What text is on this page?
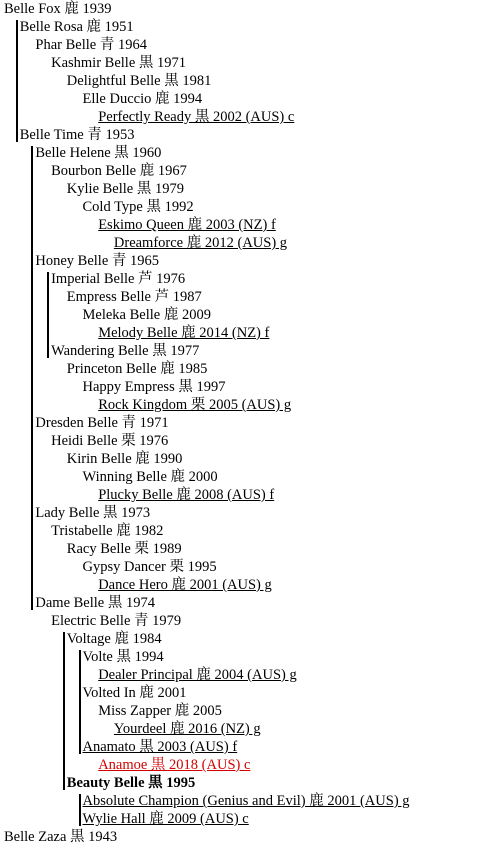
Belle Fox 鹿 1939
Belle Rosa 鹿 1951
Phar Belle 青 1964
Kashmir Belle 黒 1971
Delightful Belle 黒 1981
Elle Duccio 鹿 1994
Perfectly Ready 黒 2002 (AUS) c
Belle Time 青 1953
Belle Helene 黒 1960
Bourbon Belle 鹿 1967
Kylie Belle 黒 1979
Cold Type 黒 1992
Eskimo Queen 鹿 2003 (NZ) f
Dreamforce 鹿 2012 (AUS) g
Honey Belle 青 1965
Imperial Belle 芦 1976
Empress Belle 芦 1987
Meleka Belle 鹿 2009
Melody Belle 鹿 2014 (NZ) f
Wandering Belle 黒 1977
Princeton Belle 鹿 1985
Happy Empress 黒 1997
Rock Kingdom 栗 2005 (AUS) g
Dresden Belle 青 1971
Heidi Belle 栗 1976
Kirin Belle 鹿 1990
Winning Belle 鹿 2000
Plucky Belle 鹿 2008 (AUS) f
Lady Belle 黒 1973
Tristabelle 鹿 1982
Racy Belle 栗 1989
Gypsy Dancer 栗 1995
Dance Hero 鹿 2001 (AUS) g
Dame Belle 黒 1974
Electric Belle 青 1979
Voltage 鹿 1984
Volte 黒 1994
Dealer Principal 鹿 2004 (AUS) g
Volted In 鹿 2001
Miss Zapper 鹿 2005
Yourdeel 鹿 2016 (NZ) g
Anamato 黒 2003 (AUS) f
Anamoe 黒 2018 (AUS) c
Beauty Belle 黒 1995
Absolute Champion (Genius and Evil) 鹿 2001 (AUS) g
Wylie Hall 鹿 2009 (AUS) c
Belle Zaza 黒 1943
